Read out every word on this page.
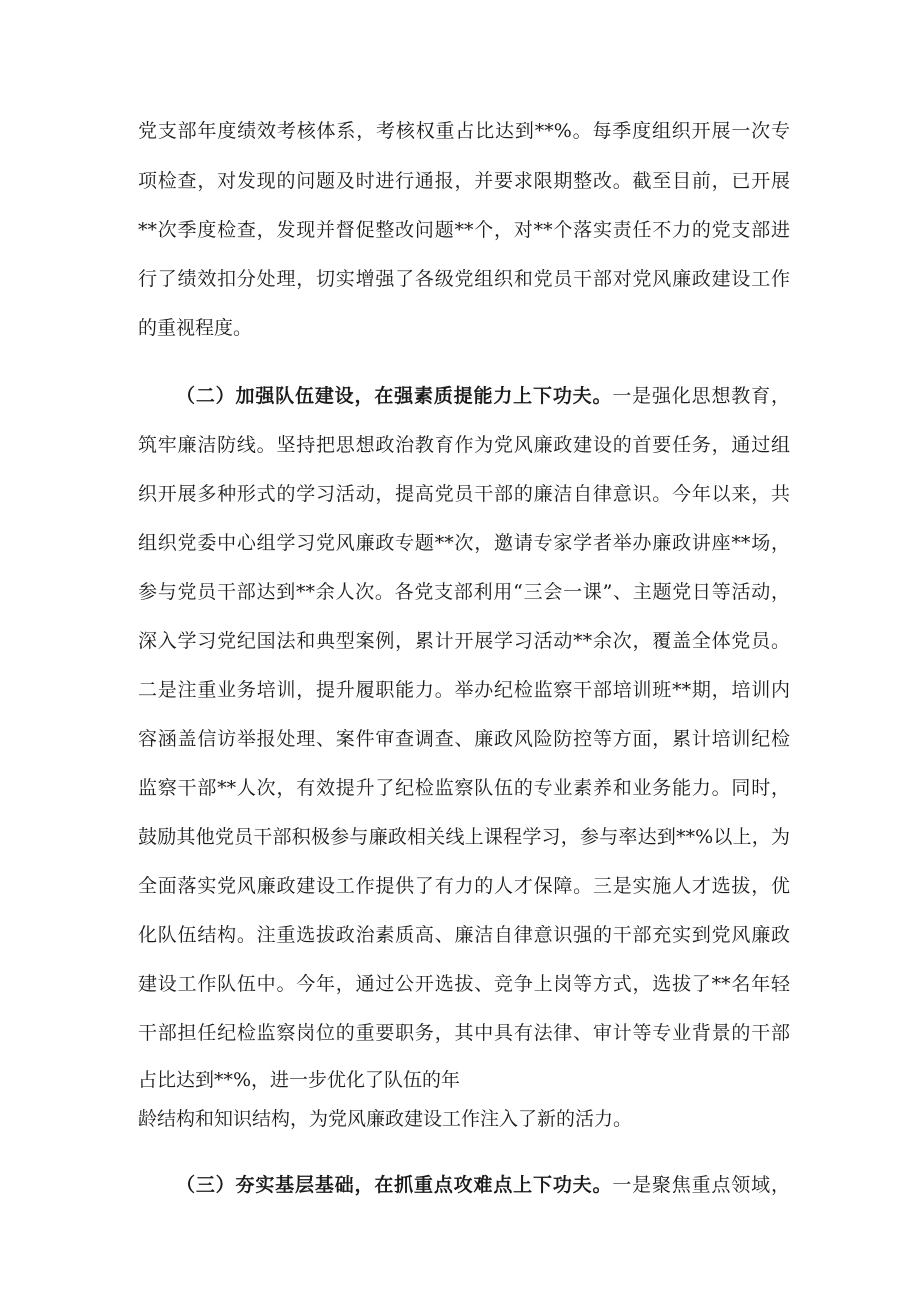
党支部年度绩效考核体系，考核权重占比达到**%。每季度组织开展一次专
项检查，对发现的问题及时进行通报，并要求限期整改。截至目前，已开展
**次季度检查，发现并督促整改问题**个，对**个落实责任不力的党支部进
行了绩效扣分处理，切实增强了各级党组织和党员干部对党风廉政建设工作
的重视程度。
（二）加强队伍建设，在强素质提能力上下功夫。一是强化思想教育，
筑牢廉洁防线。坚持把思想政治教育作为党风廉政建设的首要任务，通过组
织开展多种形式的学习活动，提高党员干部的廉洁自律意识。今年以来，共
组织党委中心组学习党风廉政专题**次，邀请专家学者举办廉政讲座**场，
参与党员干部达到**余人次。各党支部利用“三会一课”、主题党日等活动，
深入学习党纪国法和典型案例，累计开展学习活动**余次，覆盖全体党员。
二是注重业务培训，提升履职能力。举办纪检监察干部培训班**期，培训内
容涵盖信访举报处理、案件审查调查、廉政风险防控等方面，累计培训纪检
监察干部**人次，有效提升了纪检监察队伍的专业素养和业务能力。同时，
鼓励其他党员干部积极参与廉政相关线上课程学习，参与率达到**%以上，为
全面落实党风廉政建设工作提供了有力的人才保障。三是实施人才选拔，优
化队伍结构。注重选拔政治素质高、廉洁自律意识强的干部充实到党风廉政
建设工作队伍中。今年，通过公开选拔、竞争上岗等方式，选拔了**名年轻
干部担任纪检监察岗位的重要职务，其中具有法律、审计等专业背景的干部
占比达到**%，进一步优化了队伍的年
龄结构和知识结构，为党风廉政建设工作注入了新的活力。
（三）夯实基层基础，在抓重点攻难点上下功夫。一是聚焦重点领域，
